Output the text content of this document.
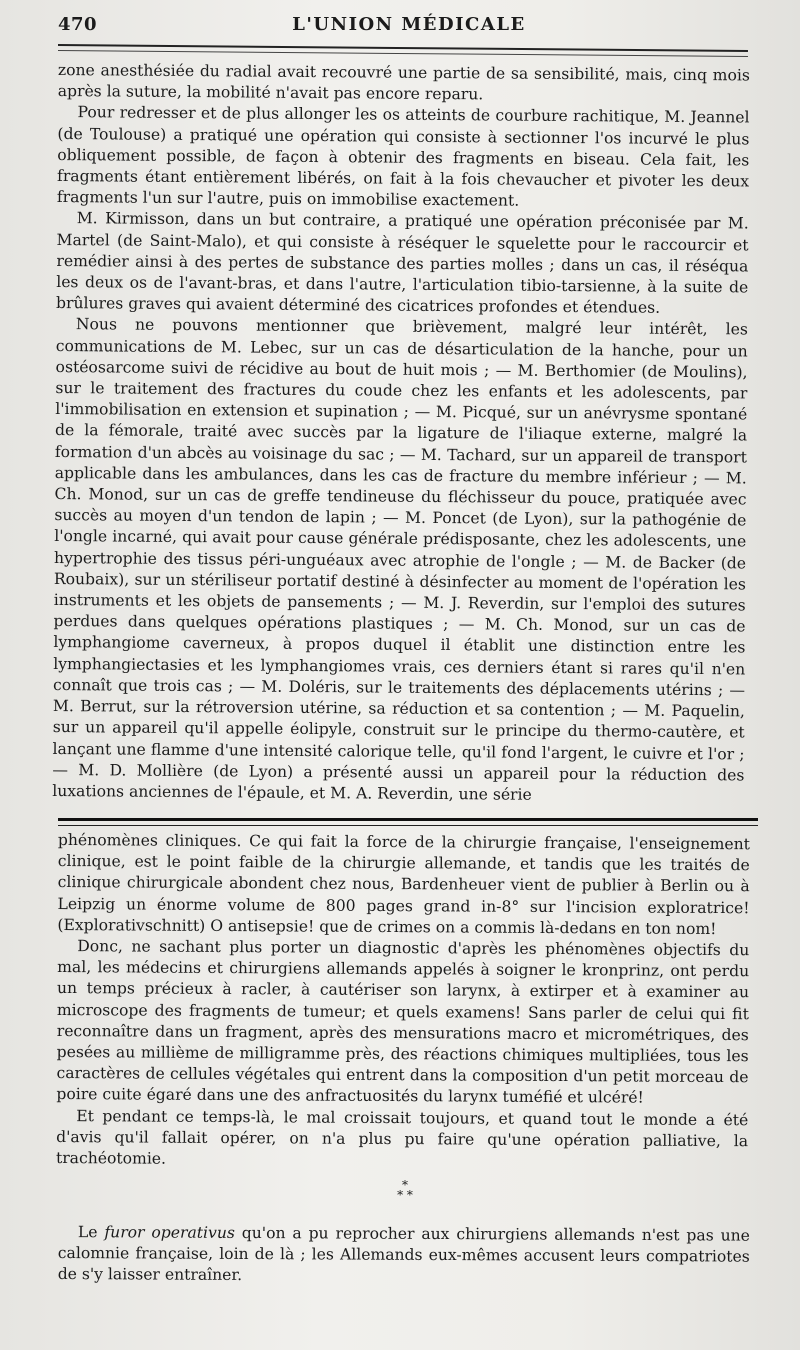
470	L'UNION MÉDICALE

zone anesthésiée du radial avait recouvré une partie de sa sensibilité, mais, cinq mois après la suture, la mobilité n'avait pas encore reparu.

Pour redresser et de plus allonger les os atteints de courbure rachitique, M. Jeannel (de Toulouse) a pratiqué une opération qui consiste à sectionner l'os incurvé le plus obliquement possible, de façon à obtenir des fragments en biseau. Cela fait, les fragments étant entièrement libérés, on fait à la fois chevaucher et pivoter les deux fragments l'un sur l'autre, puis on immobilise exactement.

M. Kirmisson, dans un but contraire, a pratiqué une opération préconisée par M. Martel (de Saint-Malo), et qui consiste à réséquer le squelette pour le raccourcir et remédier ainsi à des pertes de substance des parties molles ; dans un cas, il réséqua les deux os de l'avant-bras, et dans l'autre, l'articulation tibio-tarsienne, à la suite de brûlures graves qui avaient déterminé des cicatrices profondes et étendues.

Nous ne pouvons mentionner que brièvement, malgré leur intérêt, les communications de M. Lebec, sur un cas de désarticulation de la hanche, pour un ostéosarcome suivi de récidive au bout de huit mois ; — M. Berthomier (de Moulins), sur le traitement des fractures du coude chez les enfants et les adolescents, par l'immobilisation en extension et supination ; — M. Picqué, sur un anévrysme spontané de la fémorale, traité avec succès par la ligature de l'iliaque externe, malgré la formation d'un abcès au voisinage du sac ; — M. Tachard, sur un appareil de transport applicable dans les ambulances, dans les cas de fracture du membre inférieur ; — M. Ch. Monod, sur un cas de greffe tendineuse du fléchisseur du pouce, pratiquée avec succès au moyen d'un tendon de lapin ; — M. Poncet (de Lyon), sur la pathogénie de l'ongle incarné, qui avait pour cause générale prédisposante, chez les adolescents, une hypertrophie des tissus péri-unguéaux avec atrophie de l'ongle ; — M. de Backer (de Roubaix), sur un stériliseur portatif destiné à désinfecter au moment de l'opération les instruments et les objets de pansements ; — M. J. Reverdin, sur l'emploi des sutures perdues dans quelques opérations plastiques ; — M. Ch. Monod, sur un cas de lymphangiome caverneux, à propos duquel il établit une distinction entre les lymphangiectasies et les lymphangiomes vrais, ces derniers étant si rares qu'il n'en connaît que trois cas ; — M. Doléris, sur le traitements des déplacements utérins ; — M. Berrut, sur la rétroversion utérine, sa réduction et sa contention ; — M. Paquelin, sur un appareil qu'il appelle éolipyle, construit sur le principe du thermo-cautère, et lançant une flamme d'une intensité calorique telle, qu'il fond l'argent, le cuivre et l'or ; — M. D. Mollière (de Lyon) a présenté aussi un appareil pour la réduction des luxations anciennes de l'épaule, et M. A. Reverdin, une série

phénomènes cliniques. Ce qui fait la force de la chirurgie française, l'enseignement clinique, est le point faible de la chirurgie allemande, et tandis que les traités de clinique chirurgicale abondent chez nous, Bardenheuer vient de publier à Berlin ou à Leipzig un énorme volume de 800 pages grand in-8° sur l'incision exploratrice! (Explorativschnitt) O antisepsie! que de crimes on a commis là-dedans en ton nom!

Donc, ne sachant plus porter un diagnostic d'après les phénomènes objectifs du mal, les médecins et chirurgiens allemands appelés à soigner le kronprinz, ont perdu un temps précieux à racler, à cautériser son larynx, à extirper et à examiner au microscope des fragments de tumeur; et quels examens! Sans parler de celui qui fit reconnaître dans un fragment, après des mensurations macro et micrométriques, des pesées au millième de milligramme près, des réactions chimiques multipliées, tous les caractères de cellules végétales qui entrent dans la composition d'un petit morceau de poire cuite égaré dans une des anfractuosités du larynx tuméfié et ulcéré!

Et pendant ce temps-là, le mal croissait toujours, et quand tout le monde a été d'avis qu'il fallait opérer, on n'a plus pu faire qu'une opération palliative, la trachéotomie.

*
* *

Le furor operativus qu'on a pu reprocher aux chirurgiens allemands n'est pas une calomnie française, loin de là ; les Allemands eux-mêmes accusent leurs compatriotes de s'y laisser entraîner.
